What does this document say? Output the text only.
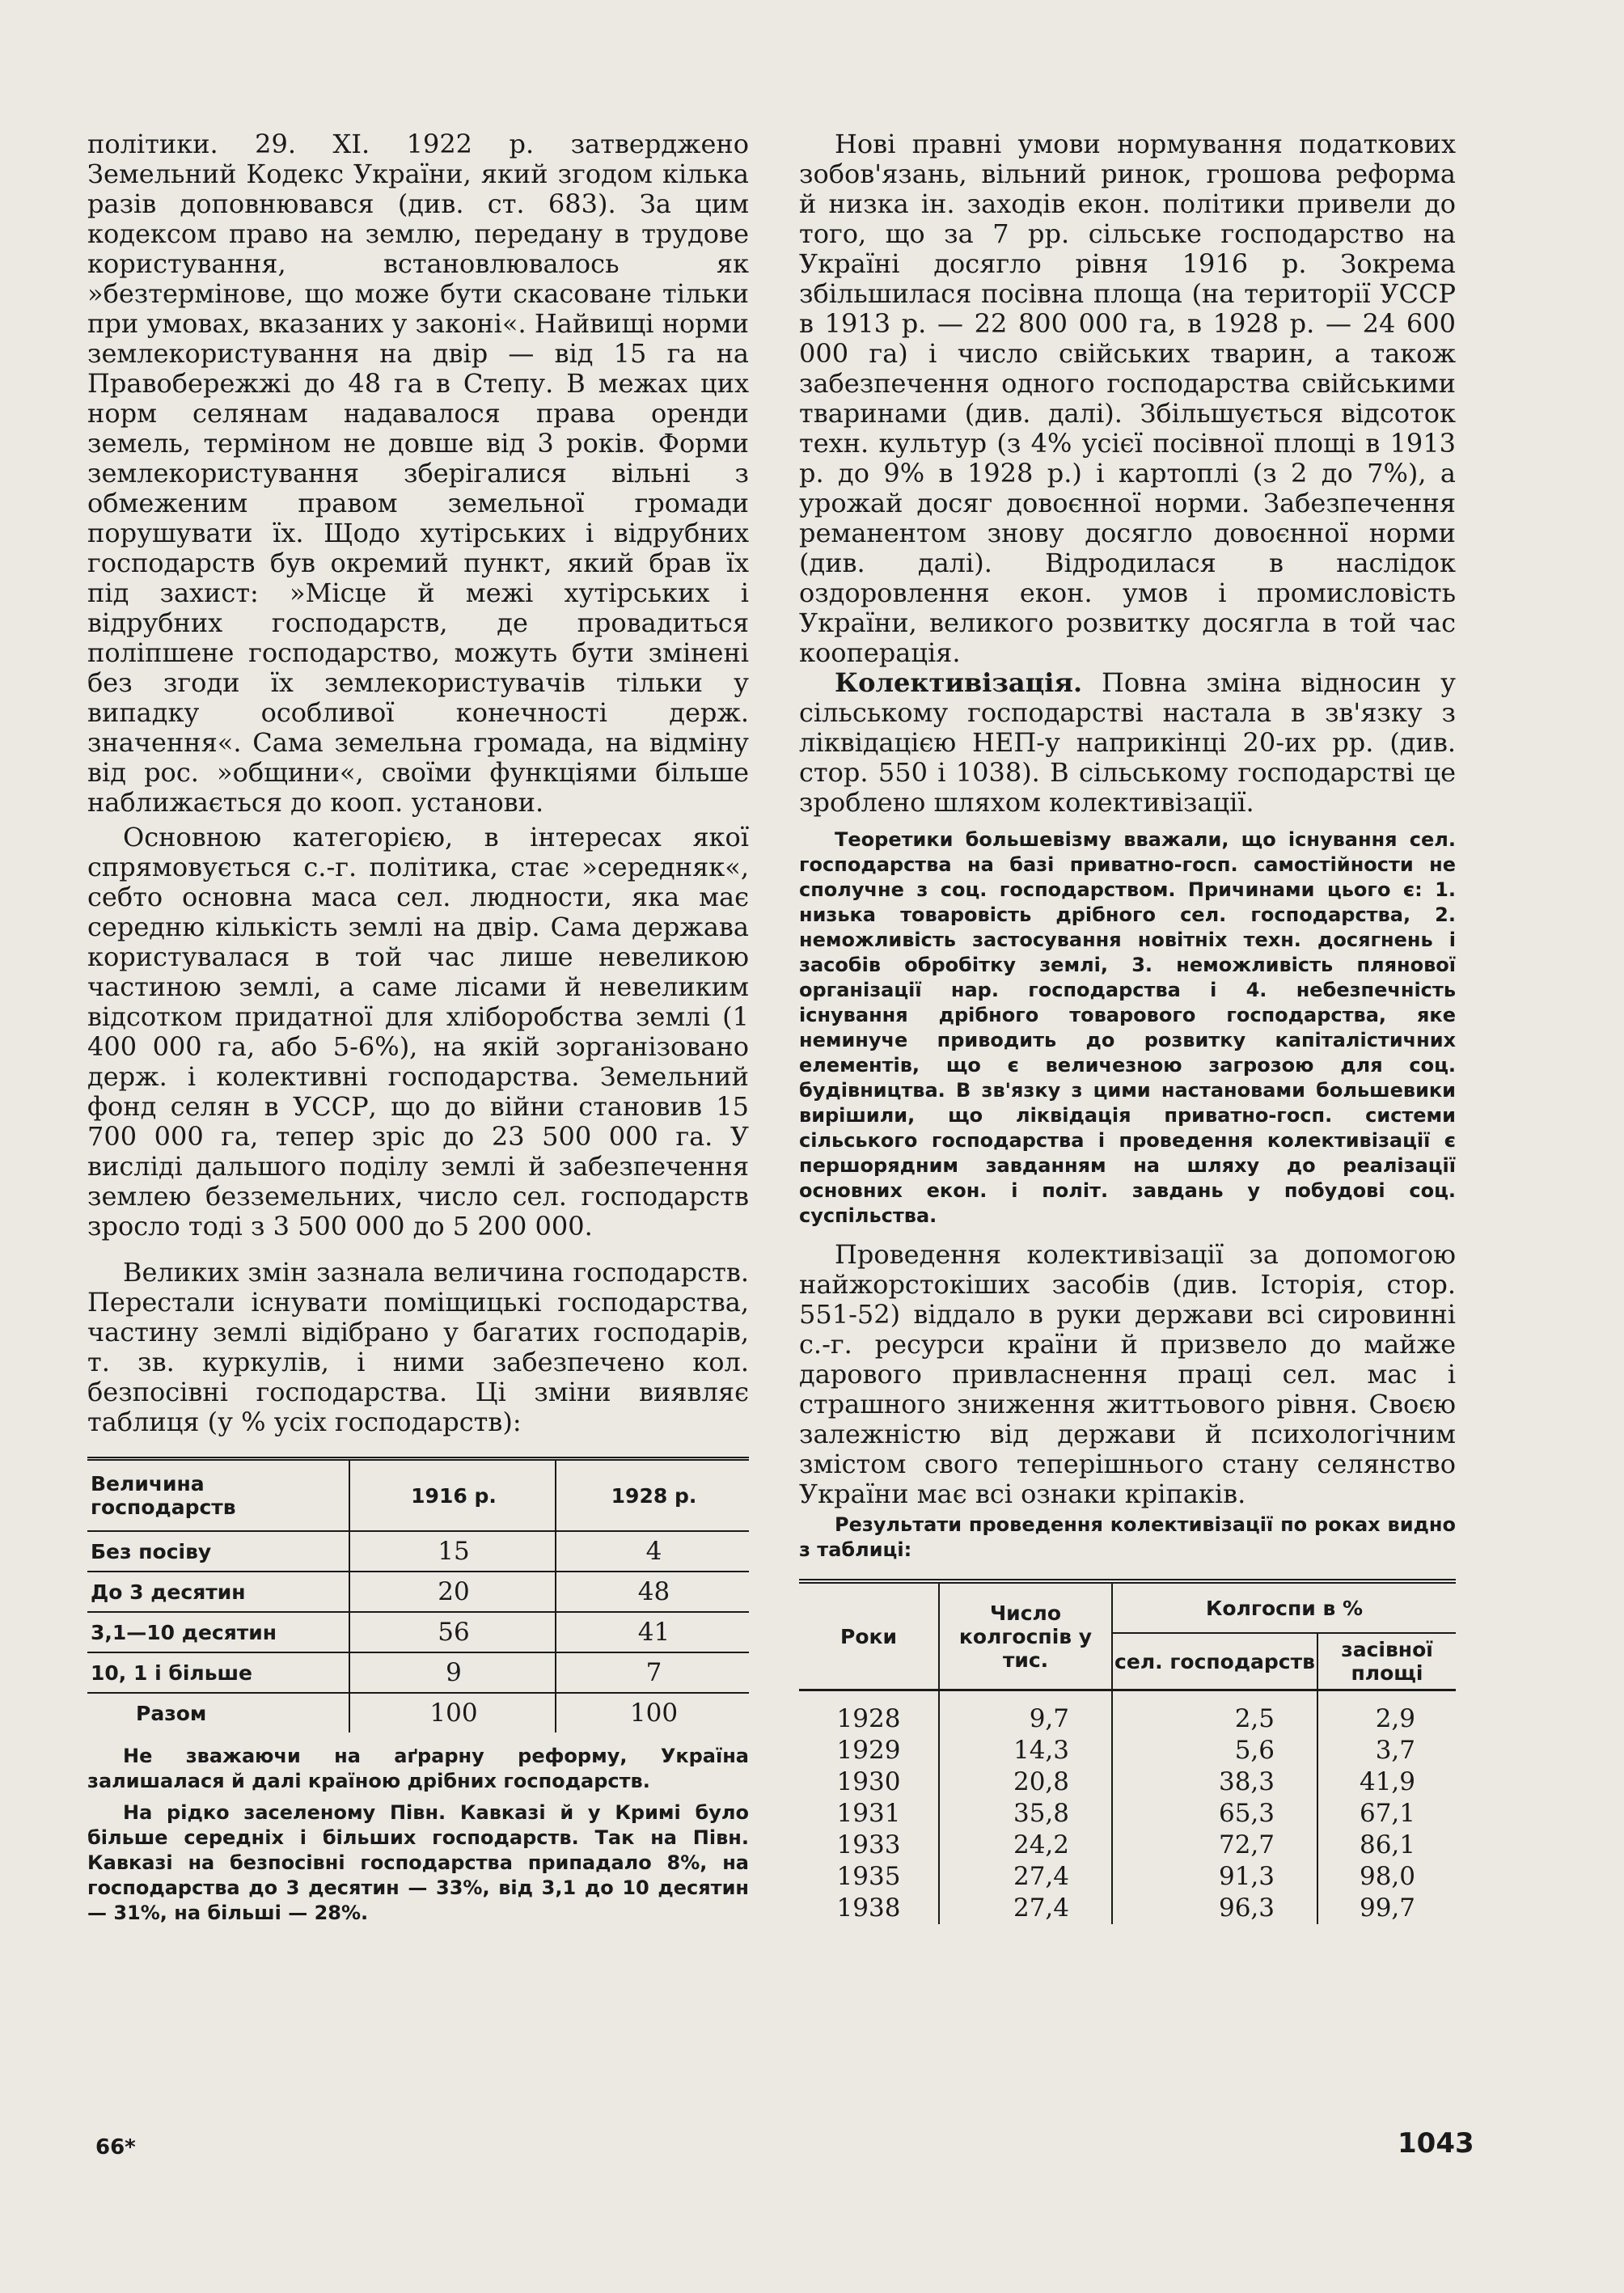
політики. 29. XI. 1922 р. затверджено Земельний Кодекс України, який згодом кілька разів доповнювався (див. ст. 683). За цим кодексом право на землю, передану в трудове користування, встановлювалось як »безтермінове, що може бути скасоване тільки при умовах, вказаних у законі«. Найвищі норми землекористування на двір — від 15 га на Правобережжі до 48 га в Степу. В межах цих норм селянам надавалося права оренди земель, терміном не довше від 3 років. Форми землекористування зберігалися вільні з обмеженим правом земельної громади порушувати їх. Щодо хутірських і відрубних господарств був окремий пункт, який брав їх під захист: »Місце й межі хутірських і відрубних господарств, де провадиться поліпшене господарство, можуть бути змінені без згоди їх землекористувачів тільки у випадку особливої конечності держ. значення«. Сама земельна громада, на відміну від рос. »общини«, своїми функціями більше наближається до кооп. установи.

Основною категорією, в інтересах якої спрямовується с.-г. політика, стає »середняк«, себто основна маса сел. людности, яка має середню кількість землі на двір. Сама держава користувалася в той час лише невеликою частиною землі, а саме лісами й невеликим відсотком придатної для хліборобства землі (1 400 000 га, або 5-6%), на якій зорганізовано держ. і колективні господарства. Земельний фонд селян в УССР, що до війни становив 15 700 000 га, тепер зріс до 23 500 000 га. У висліді дальшого поділу землі й забезпечення землею безземельних, число сел. господарств зросло тоді з 3 500 000 до 5 200 000.

Великих змін зазнала величина господарств. Перестали існувати поміщицькі господарства, частину землі відібрано у багатих господарів, т. зв. куркулів, і ними забезпечено кол. безпосівні господарства. Ці зміни виявляє таблиця (у % усіх господарств):

Величина господарств	1916 р.	1928 р.
Без посіву	15	4
До 3 десятин	20	48
3,1—10 десятин	56	41
10, 1 і більше	9	7
Разом	100	100

Не зважаючи на аґрарну реформу, Україна залишалася й далі країною дрібних господарств.

На рідко заселеному Півн. Кавказі й у Кримі було більше середніх і більших господарств. Так на Півн. Кавказі на безпосівні господарства припадало 8%, на господарства до 3 десятин — 33%, від 3,1 до 10 десятин — 31%, на більші — 28%.

Нові правні умови нормування податкових зобов'язань, вільний ринок, грошова реформа й низка ін. заходів екон. політики привели до того, що за 7 рр. сільське господарство на Україні досягло рівня 1916 р. Зокрема збільшилася посівна площа (на території УССР в 1913 р. — 22 800 000 га, в 1928 р. — 24 600 000 га) і число свійських тварин, а також забезпечення одного господарства свійськими тваринами (див. далі). Збільшується відсоток техн. культур (з 4% усієї посівної площі в 1913 р. до 9% в 1928 р.) і картоплі (з 2 до 7%), а урожай досяг довоєнної норми. Забезпечення реманентом знову досягло довоєнної норми (див. далі). Відродилася в наслідок оздоровлення екон. умов і промисловість України, великого розвитку досягла в той час кооперація.

Колективізація. Повна зміна відносин у сільському господарстві настала в зв'язку з ліквідацією НЕП-у наприкінці 20-их рр. (див. стор. 550 і 1038). В сільському господарстві це зроблено шляхом колективізації.

Теоретики большевізму вважали, що існування сел. господарства на базі приватно-госп. самостійности не сполучне з соц. господарством. Причинами цього є: 1. низька товаровість дрібного сел. господарства, 2. неможливість застосування новітніх техн. досягнень і засобів обробітку землі, 3. неможливість плянової організації нар. господарства і 4. небезпечність існування дрібного товарового господарства, яке неминуче приводить до розвитку капіталістичних елементів, що є величезною загрозою для соц. будівництва. В зв'язку з цими настановами большевики вирішили, що ліквідація приватно-госп. системи сільського господарства і проведення колективізації є першорядним завданням на шляху до реалізації основних екон. і політ. завдань у побудові соц. суспільства.

Проведення колективізації за допомогою найжорстокіших засобів (див. Історія, стор. 551-52) віддало в руки держави всі сировинні с.-г. ресурси країни й призвело до майже дарового привласнення праці сел. мас і страшного зниження життьового рівня. Своєю залежністю від держави й психологічним змістом свого теперішнього стану селянство України має всі ознаки кріпаків.

Результати проведення колективізації по роках видно з таблиці:

Роки	Число колгоспів у тис.	Колгоспи в %	
		сел. господарств	засівної площі
1928	9,7	2,5	2,9
1929	14,3	5,6	3,7
1930	20,8	38,3	41,9
1931	35,8	65,3	67,1
1933	24,2	72,7	86,1
1935	27,4	91,3	98,0
1938	27,4	96,3	99,7
66*	1043
